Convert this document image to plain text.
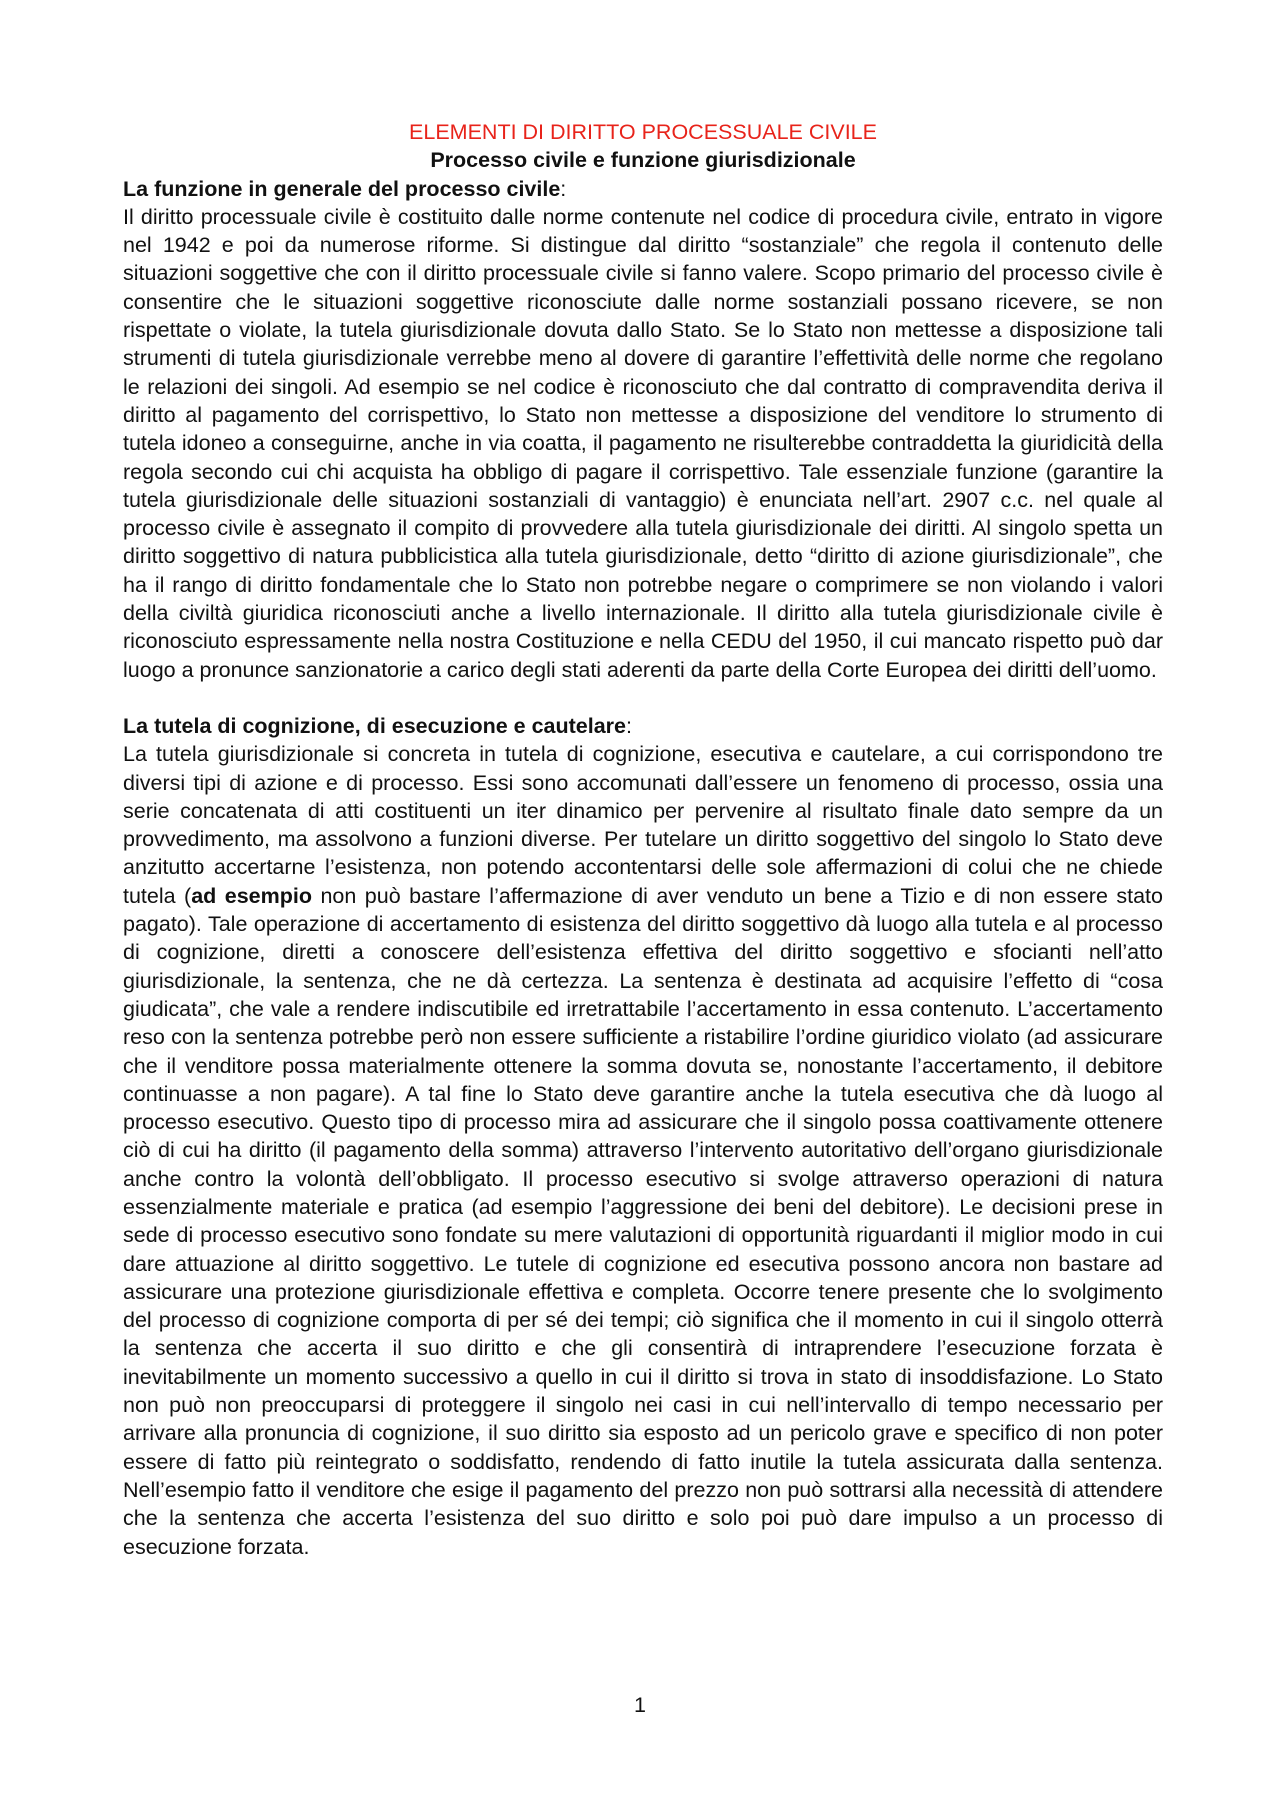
ELEMENTI DI DIRITTO PROCESSUALE CIVILE
Processo civile e funzione giurisdizionale
La funzione in generale del processo civile:

Il diritto processuale civile è costituito dalle norme contenute nel codice di procedura civile, entrato in vigore nel 1942 e poi da numerose riforme. Si distingue dal diritto “sostanziale” che regola il contenuto delle situazioni soggettive che con il diritto processuale civile si fanno valere. Scopo primario del processo civile è consentire che le situazioni soggettive riconosciute dalle norme sostanziali possano ricevere, se non rispettate o violate, la tutela giurisdizionale dovuta dallo Stato. Se lo Stato non mettesse a disposizione tali strumenti di tutela giurisdizionale verrebbe meno al dovere di garantire l’effettività delle norme che regolano le relazioni dei singoli. Ad esempio se nel codice è riconosciuto che dal contratto di compravendita deriva il diritto al pagamento del corrispettivo, lo Stato non mettesse a disposizione del venditore lo strumento di tutela idoneo a conseguirne, anche in via coatta, il pagamento ne risulterebbe contraddetta la giuridicità della regola secondo cui chi acquista ha obbligo di pagare il corrispettivo. Tale essenziale funzione (garantire la tutela giurisdizionale delle situazioni sostanziali di vantaggio) è enunciata nell’art. 2907 c.c. nel quale al processo civile è assegnato il compito di provvedere alla tutela giurisdizionale dei diritti. Al singolo spetta un diritto soggettivo di natura pubblicistica alla tutela giurisdizionale, detto “diritto di azione giurisdizionale”, che ha il rango di diritto fondamentale che lo Stato non potrebbe negare o comprimere se non violando i valori della civiltà giuridica riconosciuti anche a livello internazionale. Il diritto alla tutela giurisdizionale civile è riconosciuto espressamente nella nostra Costituzione e nella CEDU del 1950, il cui mancato rispetto può dar luogo a pronunce sanzionatorie a carico degli stati aderenti da parte della Corte Europea dei diritti dell’uomo.

La tutela di cognizione, di esecuzione e cautelare:

La tutela giurisdizionale si concreta in tutela di cognizione, esecutiva e cautelare, a cui corrispondono tre diversi tipi di azione e di processo. Essi sono accomunati dall’essere un fenomeno di processo, ossia una serie concatenata di atti costituenti un iter dinamico per pervenire al risultato finale dato sempre da un provvedimento, ma assolvono a funzioni diverse. Per tutelare un diritto soggettivo del singolo lo Stato deve anzitutto accertarne l’esistenza, non potendo accontentarsi delle sole affermazioni di colui che ne chiede tutela (ad esempio non può bastare l’affermazione di aver venduto un bene a Tizio e di non essere stato pagato). Tale operazione di accertamento di esistenza del diritto soggettivo dà luogo alla tutela e al processo di cognizione, diretti a conoscere dell’esistenza effettiva del diritto soggettivo e sfocianti nell’atto giurisdizionale, la sentenza, che ne dà certezza. La sentenza è destinata ad acquisire l’effetto di “cosa giudicata”, che vale a rendere indiscutibile ed irretrattabile l’accertamento in essa contenuto. L’accertamento reso con la sentenza potrebbe però non essere sufficiente a ristabilire l’ordine giuridico violato (ad assicurare che il venditore possa materialmente ottenere la somma dovuta se, nonostante l’accertamento, il debitore continuasse a non pagare). A tal fine lo Stato deve garantire anche la tutela esecutiva che dà luogo al processo esecutivo. Questo tipo di processo mira ad assicurare che il singolo possa coattivamente ottenere ciò di cui ha diritto (il pagamento della somma) attraverso l’intervento autoritativo dell’organo giurisdizionale anche contro la volontà dell’obbligato. Il processo esecutivo si svolge attraverso operazioni di natura essenzialmente materiale e pratica (ad esempio l’aggressione dei beni del debitore). Le decisioni prese in sede di processo esecutivo sono fondate su mere valutazioni di opportunità riguardanti il miglior modo in cui dare attuazione al diritto soggettivo. Le tutele di cognizione ed esecutiva possono ancora non bastare ad assicurare una protezione giurisdizionale effettiva e completa. Occorre tenere presente che lo svolgimento del processo di cognizione comporta di per sé dei tempi; ciò significa che il momento in cui il singolo otterrà la sentenza che accerta il suo diritto e che gli consentirà di intraprendere l’esecuzione forzata è inevitabilmente un momento successivo a quello in cui il diritto si trova in stato di insoddisfazione. Lo Stato non può non preoccuparsi di proteggere il singolo nei casi in cui nell’intervallo di tempo necessario per arrivare alla pronuncia di cognizione, il suo diritto sia esposto ad un pericolo grave e specifico di non poter essere di fatto più reintegrato o soddisfatto, rendendo di fatto inutile la tutela assicurata dalla sentenza. Nell’esempio fatto il venditore che esige il pagamento del prezzo non può sottrarsi alla necessità di attendere che la sentenza che accerta l’esistenza del suo diritto e solo poi può dare impulso a un processo di esecuzione forzata.

1
